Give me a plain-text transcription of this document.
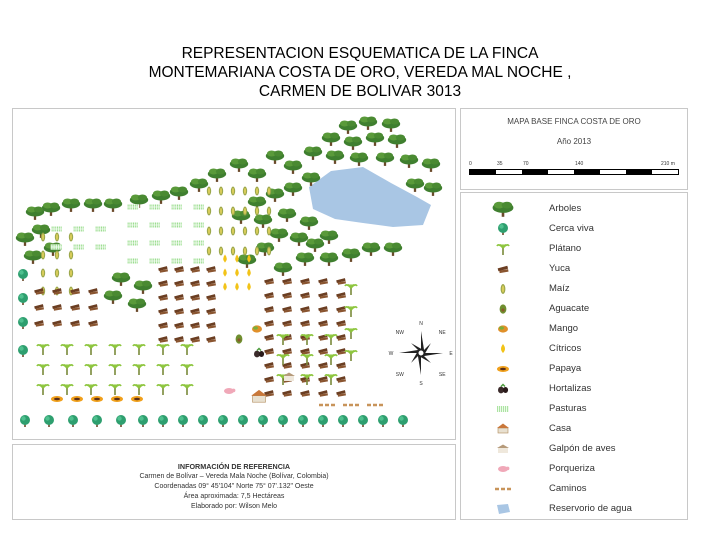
REPRESENTACION ESQUEMATICA DE LA FINCA
MONTEMARIANA COSTA DE ORO, VEREDA MAL NOCHE ,
CARMEN DE BOLIVAR 3013
N
NE
E
SE
S
SW
W
NW
MAPA BASE FINCA COSTA DE ORO
Año 2013
0	35	70	140	210 m
Arboles
Cerca viva
Plátano
Yuca
Maíz
Aguacate
Mango
Cítricos
Papaya
Hortalizas
Pasturas
Casa
Galpón de aves
Porqueriza
Caminos
Reservorio de agua
INFORMACIÓN DE REFERENCIA
Carmen de Bolívar – Vereda Mala Noche (Bolívar, Colombia)
Coordenadas 09° 45'104" Norte 75° 07'.132" Oeste
Área aproximada: 7,5 Hectáreas
Elaborado por: Wilson Melo
